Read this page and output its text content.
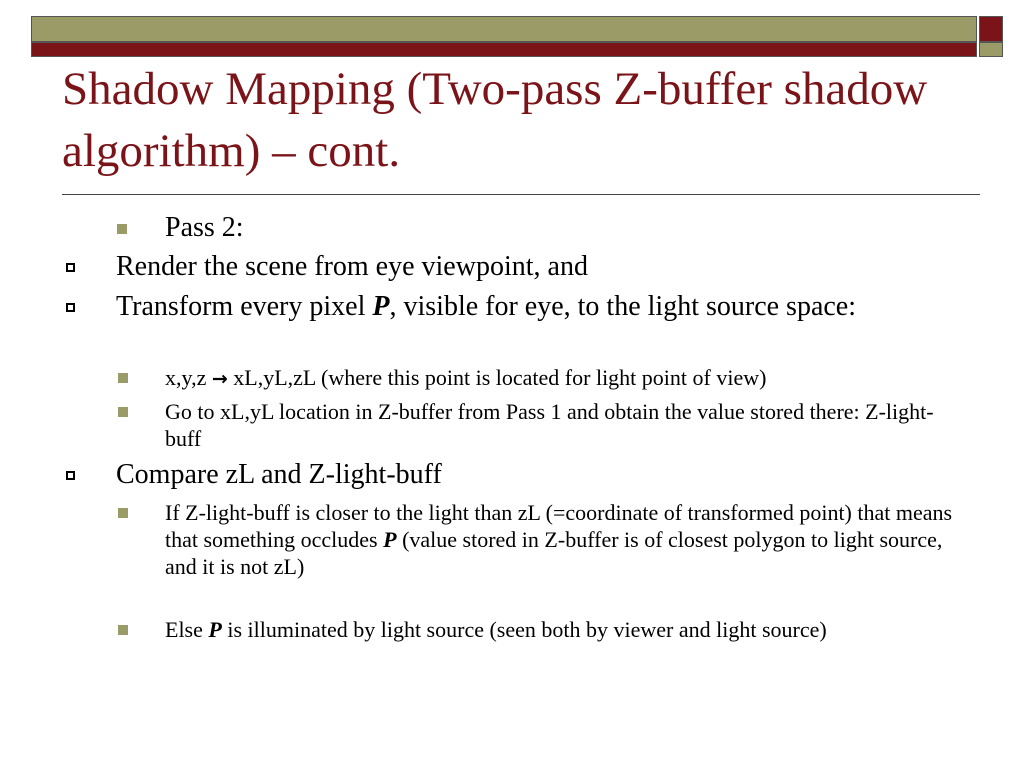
Shadow Mapping (Two-pass Z-buffer shadow algorithm) – cont.
Pass 2:
Render the scene from eye viewpoint, and
Transform every pixel P, visible for eye, to the light source space:
x,y,z → xL,yL,zL (where this point is located for light point of view)
Go to xL,yL location in Z-buffer from Pass 1 and obtain the value stored there: Z-light-buff
Compare zL and Z-light-buff
If Z-light-buff is closer to the light than zL (=coordinate of transformed point) that means that something occludes P (value stored in Z-buffer is of closest polygon to light source, and it is not zL)
Else P is illuminated by light source (seen both by viewer and light source)
